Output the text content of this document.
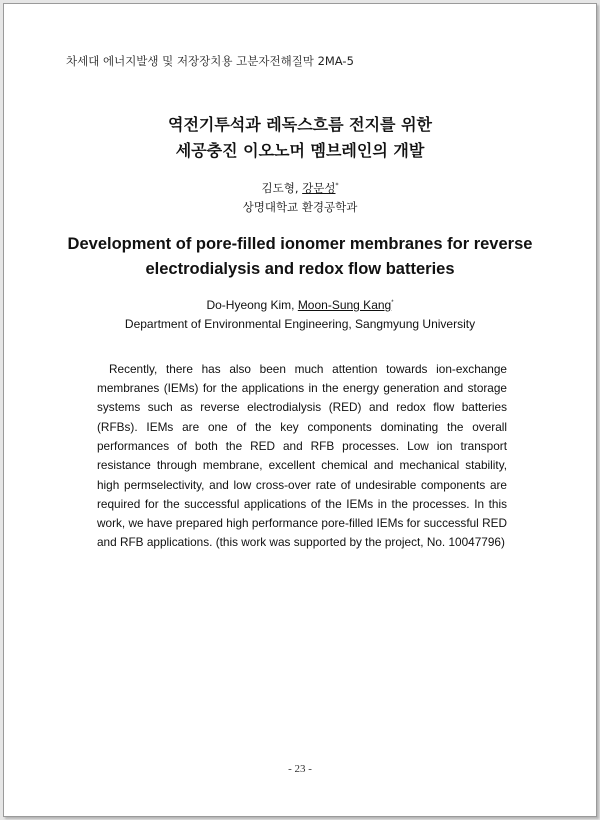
차세대 에너지발생 및 저장장치용 고분자전해질막 2MA-5
역전기투석과 레독스흐름 전지를 위한
세공충진 이오노머 멤브레인의 개발
김도형, 강문성*
상명대학교 환경공학과
Development of pore-filled ionomer membranes for reverse
electrodialysis and redox flow batteries
Do-Hyeong Kim, Moon-Sung Kang*
Department of Environmental Engineering, Sangmyung University

Recently, there has also been much attention towards ion-exchange membranes (IEMs) for the applications in the energy generation and storage systems such as reverse electrodialysis (RED) and redox flow batteries (RFBs). IEMs are one of the key components dominating the overall performances of both the RED and RFB processes. Low ion transport resistance through membrane, excellent chemical and mechanical stability, high permselectivity, and low cross-over rate of undesirable components are required for the successful applications of the IEMs in the processes. In this work, we have prepared high performance pore-filled IEMs for successful RED and RFB applications. (this work was supported by the project, No. 10047796)

- 23 -
